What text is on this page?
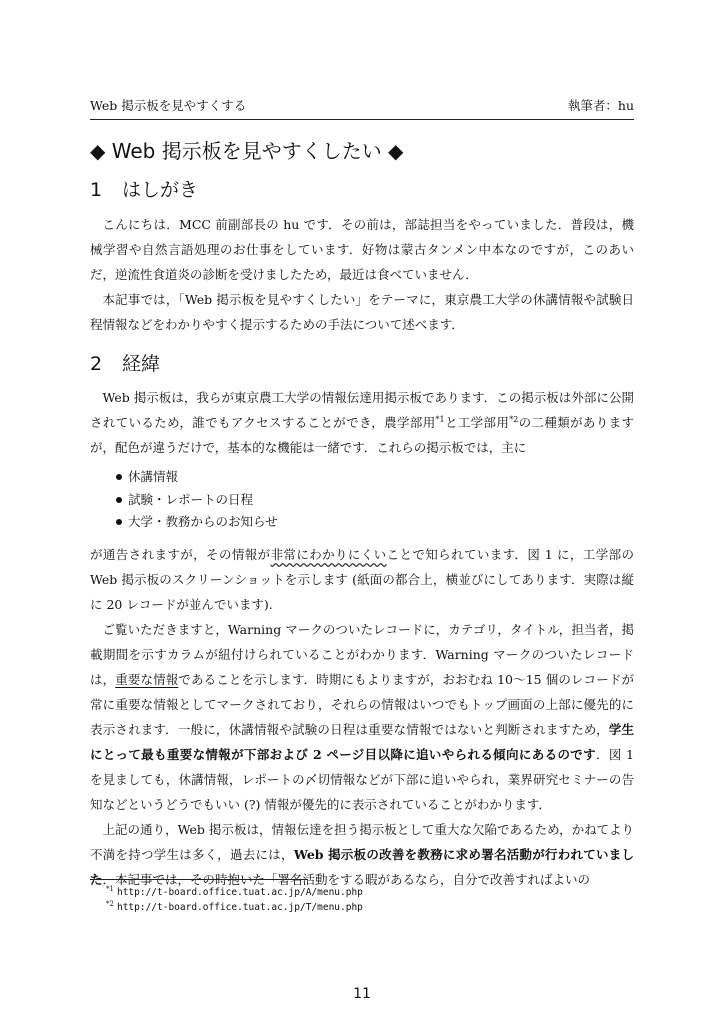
Web 掲示板を見やすくする	執筆者：hu
◆ Web 掲示板を見やすくしたい ◆
1 はしがき

こんにちは．MCC 前副部長の hu です．その前は，部誌担当をやっていました．普段は，機械学習や自然言語処理のお仕事をしています．好物は蒙古タンメン中本なのですが，このあいだ，逆流性食道炎の診断を受けましたため，最近は食べていません．

本記事では，「Web 掲示板を見やすくしたい」をテーマに，東京農工大学の休講情報や試験日程情報などをわかりやすく提示するための手法について述べます．

2 経緯

Web 掲示板は，我らが東京農工大学の情報伝達用掲示板であります．この掲示板は外部に公開されているため，誰でもアクセスすることができ，農学部用$^{*1}$と工学部用$^{*2}$の二種類がありますが，配色が違うだけで，基本的な機能は一緒です．これらの掲示板では，主に

休講情報
試験・レポートの日程
大学・教務からのお知らせ

が通告されますが，その情報が非常にわかりにくいことで知られています．図 1 に，工学部の Web 掲示板のスクリーンショットを示します (紙面の都合上，横並びにしてあります．実際は縦に 20 レコードが並んでいます).

ご覧いただきますと，Warning マークのついたレコードに，カテゴリ，タイトル，担当者，掲載期間を示すカラムが紐付けられていることがわかります．Warning マークのついたレコードは，重要な情報であることを示します．時期にもよりますが，おおむね 10〜15 個のレコードが常に重要な情報としてマークされており，それらの情報はいつでもトップ画面の上部に優先的に表示されます．一般に，休講情報や試験の日程は重要な情報ではないと判断されますため，学生にとって最も重要な情報が下部および 2 ページ目以降に追いやられる傾向にあるのです．図 1 を見ましても，休講情報，レポートの〆切情報などが下部に追いやられ，業界研究セミナーの告知などというどうでもいい (?) 情報が優先的に表示されていることがわかります．

上記の通り，Web 掲示板は，情報伝達を担う掲示板として重大な欠陥であるため，かねてより不満を持つ学生は多く，過去には，Web 掲示板の改善を教務に求め署名活動が行われていました．本記事では，その時抱いた「署名活動をする暇があるなら，自分で改善すればよいの

$^{*1}$ http://t-board.office.tuat.ac.jp/A/menu.php
$^{*2}$ http://t-board.office.tuat.ac.jp/T/menu.php
11
